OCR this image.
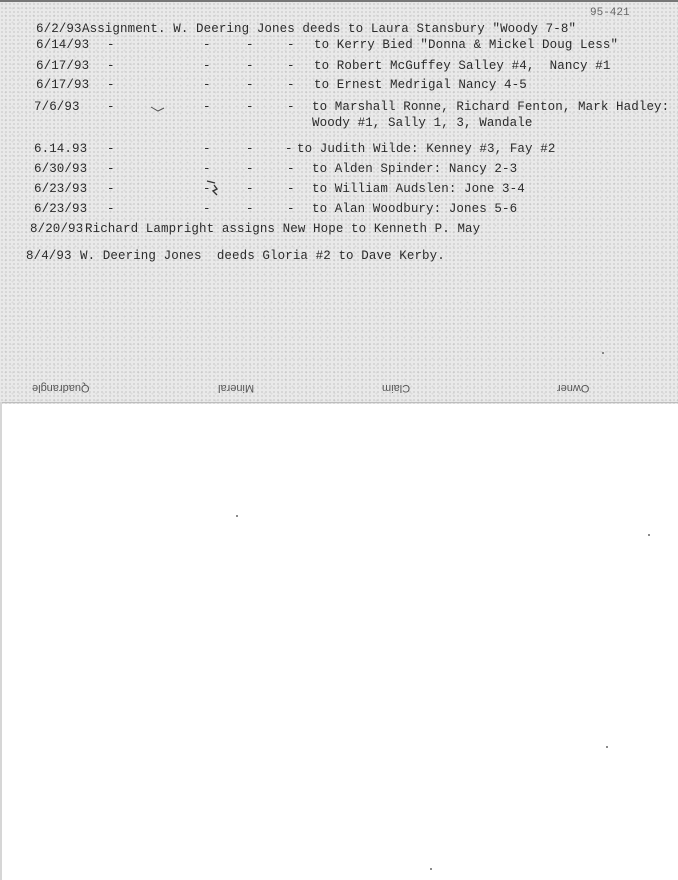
95-421
6/2/93 Assignment. W. Deering Jones deeds to Laura Stansbury "Woody 7-8"
6/14/93 -	-	-	- to Kerry Bied "Donna & Mickel Doug Less"
6/17/93 -	-	-	- to Robert McGuffey Salley #4,  Nancy #1
6/17/93 -	-	-	- to Ernest Medrigal Nancy 4-5
7/6/93 -	-	-	- to Marshall Ronne, Richard Fenton, Mark Hadley:
Woody #1, Sally 1, 3, Wandale
6.14.93 -	-	-	- to Judith Wilde: Kenney #3, Fay #2
6/30/93 -	-	-	- to Alden Spinder: Nancy 2-3
6/23/93 -	-	-	- to William Audslen: Jone 3-4
6/23/93 -	-	-	- to Alan Woodbury: Jones 5-6
8/20/93 Richard Lampright assigns New Hope to Kenneth P. May
8/4/93 W. Deering Jones  deeds Gloria #2 to Dave Kerby.
Quadrangle	Mineral	Claim	Owner
